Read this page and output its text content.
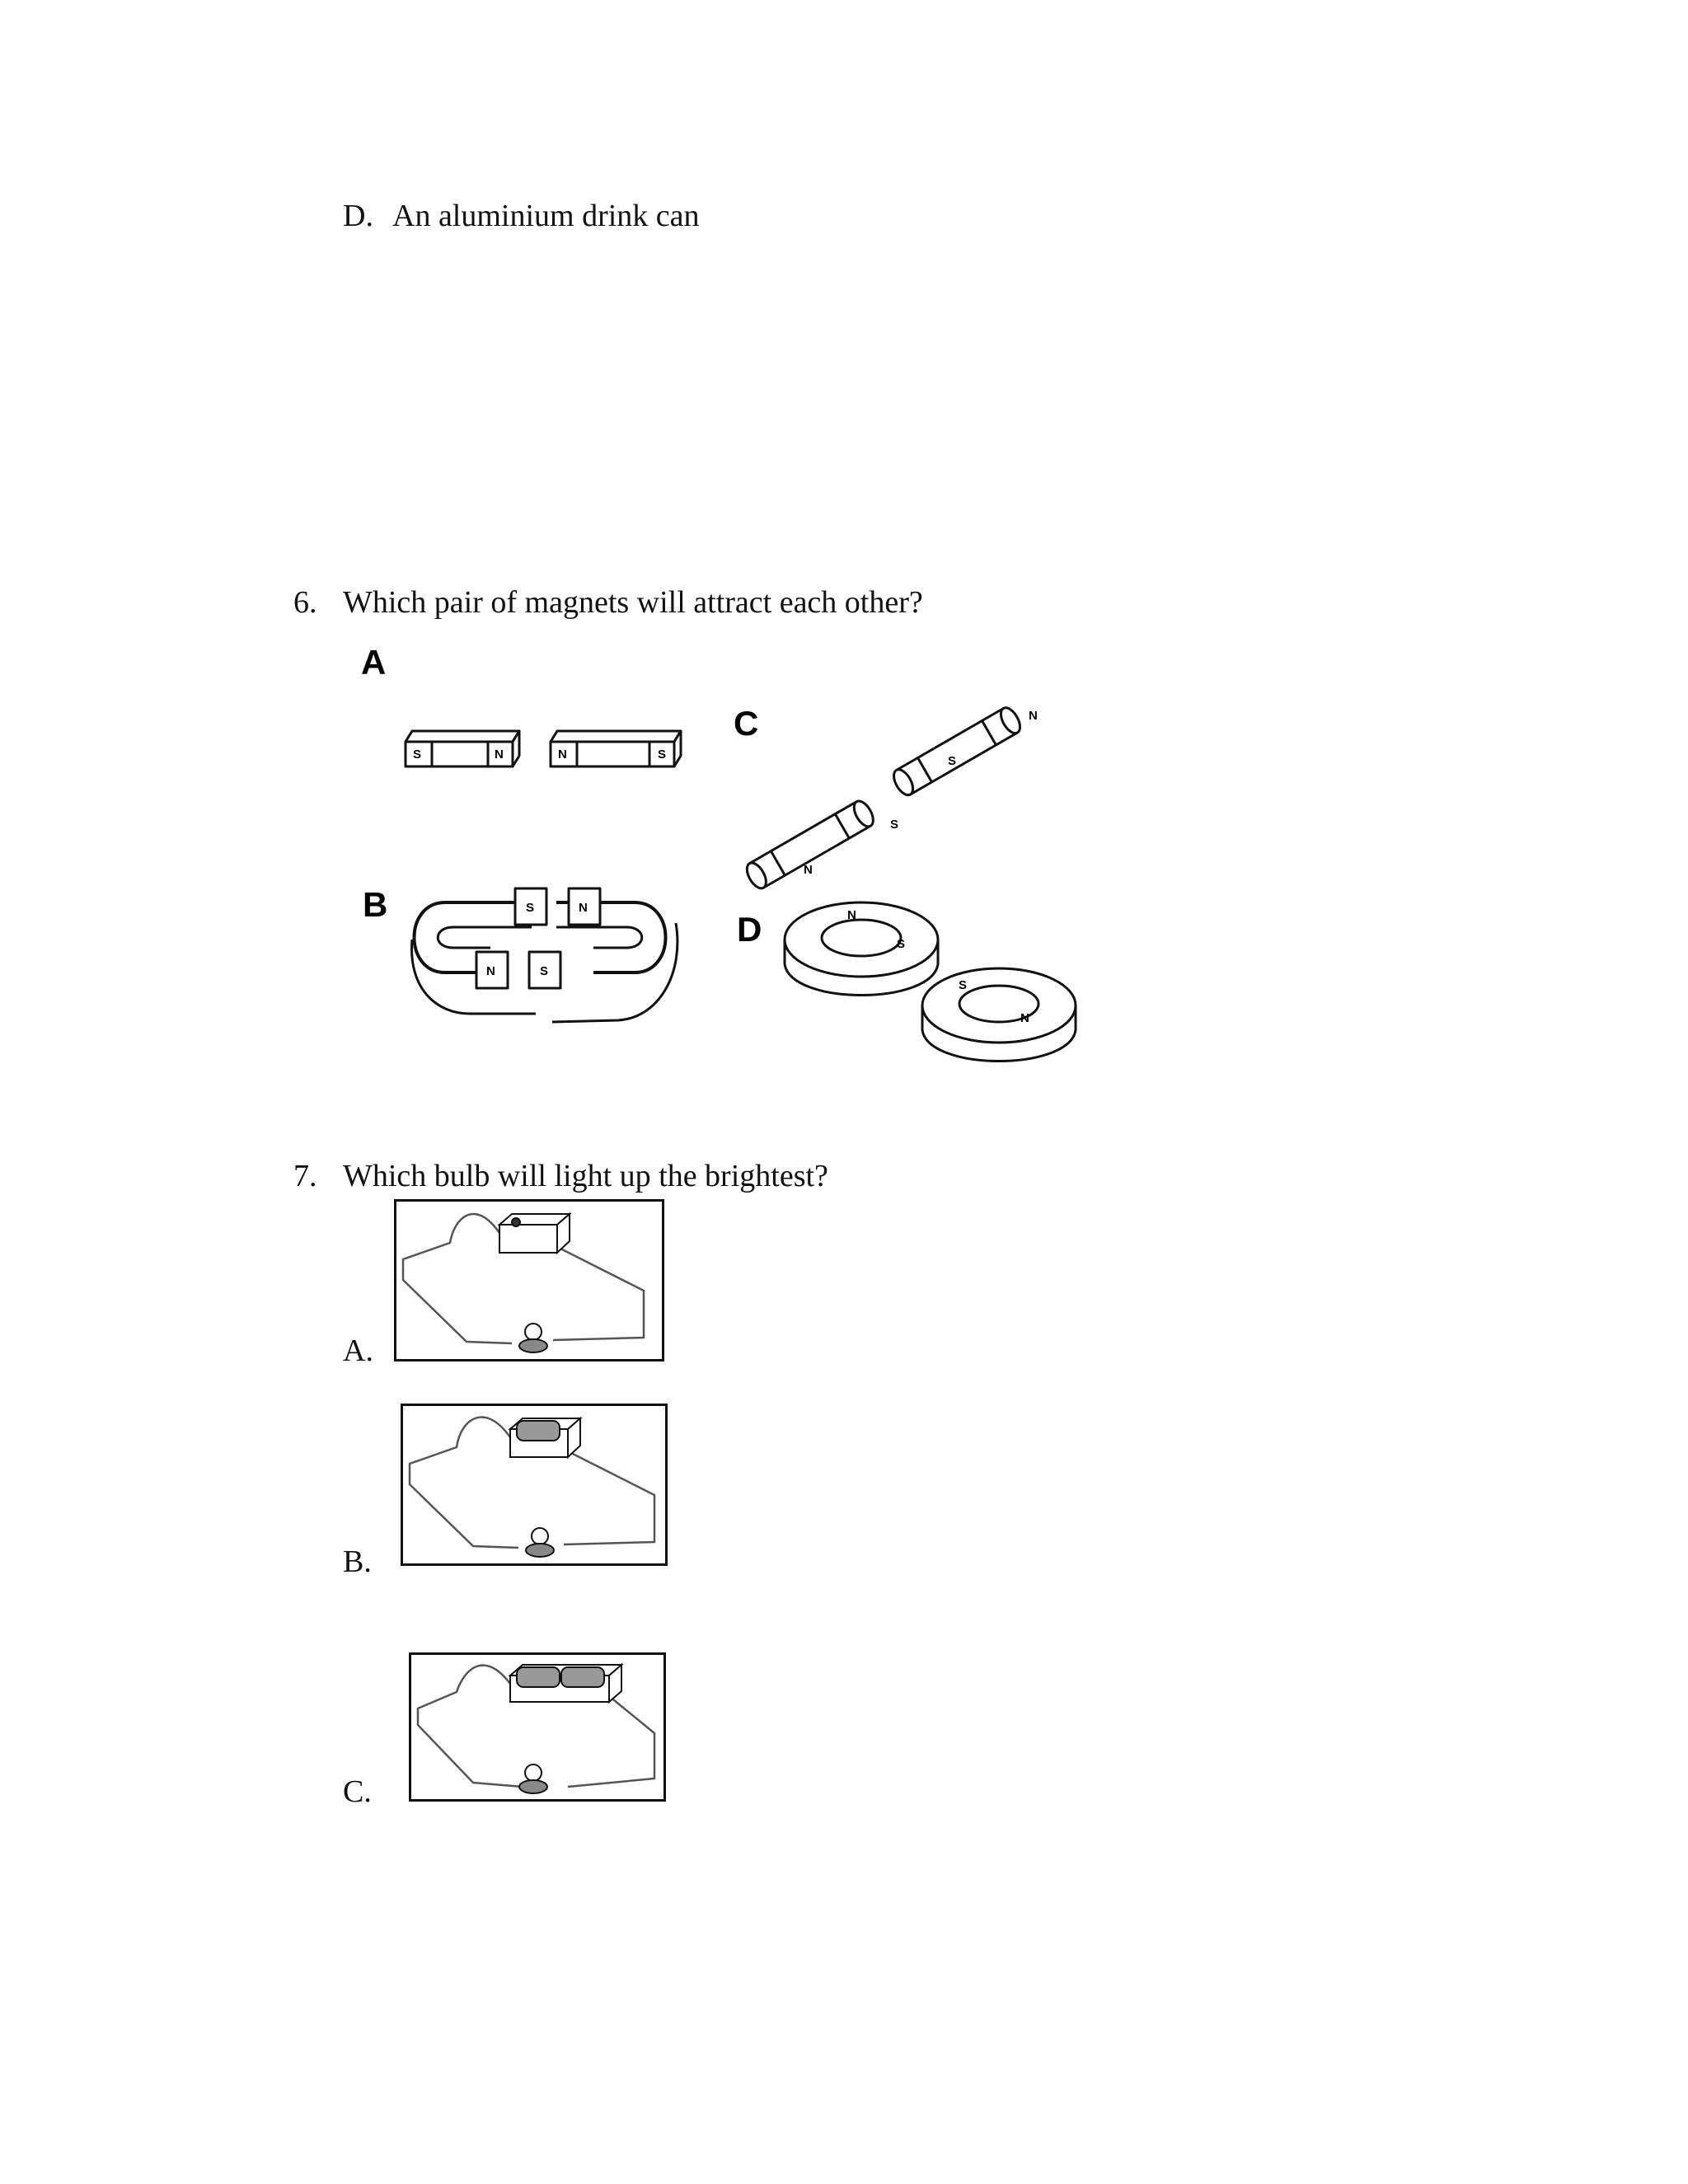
D. An aluminium drink can
6. Which pair of magnets will attract each other?
A
B
C
D
S	N	N	S
S	N
N	S
N
S
S
N
N
S
S
N
7. Which bulb will light up the brightest?
A.
B.
C.
